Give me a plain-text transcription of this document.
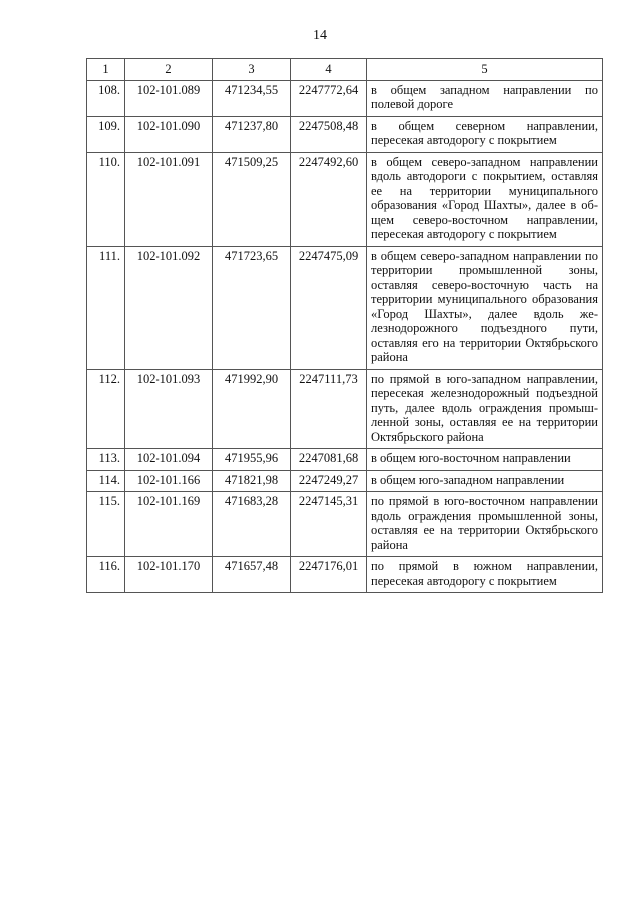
14
1	2	3	4	5
108.	102-101.089	471234,55	2247772,64	в общем западном направлении по полевой дороге
109.	102-101.090	471237,80	2247508,48	в общем северном направлении, пересекая автодорогу с покрытием
110.	102-101.091	471509,25	2247492,60	в общем северо-западном направлении вдоль автодороги с покрытием, оставляя ее на территории муниципального образования «Город Шахты», далее в общем северо-восточном направлении, пересекая автодорогу с покрытием
111.	102-101.092	471723,65	2247475,09	в общем северо-западном направлении по территории промышленной зоны, оставляя северо-восточную часть на территории муниципального образования «Город Шахты», далее вдоль железнодорожного подъездного пути, оставляя его на территории Октябрьского района
112.	102-101.093	471992,90	2247111,73	по прямой в юго-западном направлении, пересекая железнодорожный подъездной путь, далее вдоль ограждения промышленной зоны, оставляя ее на территории Октябрьского района
113.	102-101.094	471955,96	2247081,68	в общем юго-восточном направлении
114.	102-101.166	471821,98	2247249,27	в общем юго-западном направлении
115.	102-101.169	471683,28	2247145,31	по прямой в юго-восточном направлении вдоль ограждения промышленной зоны, оставляя ее на территории Октябрьского района
116.	102-101.170	471657,48	2247176,01	по прямой в южном направлении, пересекая автодорогу с покрытием
